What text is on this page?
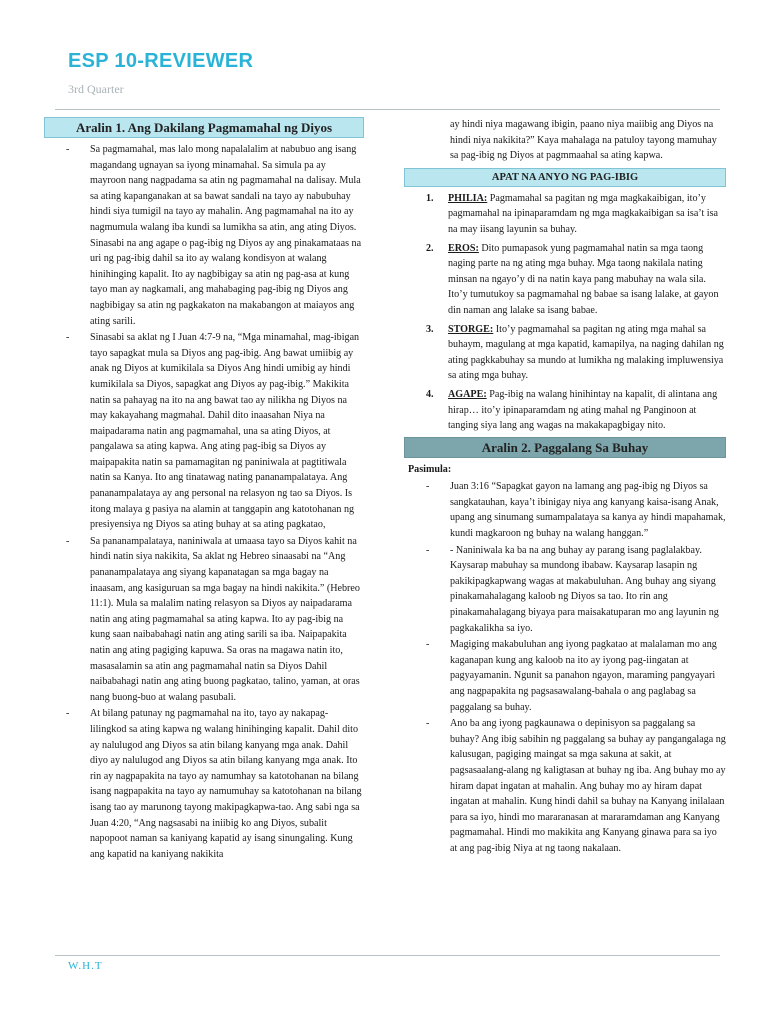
ESP 10-REVIEWER
3rd Quarter
Aralin 1. Ang Dakilang Pagmamahal ng Diyos
- Sa pagmamahal, mas lalo mong napalalalim at nabubuo ang isang magandang ugnayan sa iyong minamahal. Sa simula pa ay mayroon nang nagpadama sa atin ng pagmamahal na dalisay. Mula sa ating kapanganakan at sa bawat sandali na tayo ay nabubuhay hindi siya tumigil na tayo ay mahalin. Ang pagmamahal na ito ay nagmumula walang iba kundi sa lumikha sa atin, ang ating Diyos. Sinasabi na ang agape o pag-ibig ng Diyos ay ang pinakamataas na uri ng pag-ibig dahil sa ito ay walang kondisyon at walang hinihinging kapalit. Ito ay nagbibigay sa atin ng pag-asa at kung tayo man ay nagkamali, ang mahabaging pag-ibig ng Diyos ang nagbibigay sa atin ng pagkakaton na makabangon at maiayos ang ating sarili.
- Sinasabi sa aklat ng I Juan 4:7-9 na, “Mga minamahal, mag-ibigan tayo sapagkat mula sa Diyos ang pag-ibig. Ang bawat umiibig ay anak ng Diyos at kumikilala sa Diyos Ang hindi umibig ay hindi kumikilala sa Diyos, sapagkat ang Diyos ay pag-ibig.” Makikita natin sa pahayag na ito na ang bawat tao ay nilikha ng Diyos na may kakayahang magmahal. Dahil dito inaasahan Niya na maipadarama natin ang pagmamahal, una sa ating Diyos, at pangalawa sa ating kapwa. Ang ating pag-ibig sa Diyos ay maipapakita natin sa pamamagitan ng paniniwala at pagtitiwala natin sa Kanya. Ito ang tinatawag nating pananampalataya. Ang pananampalataya ay ang personal na relasyon ng tao sa Diyos. Is itong malaya g pasiya na alamin at tanggapin ang katotohanan ng presiyensiya ng Diyos sa ating buhay at sa ating pagkatao,
- Sa pananampalataya, naniniwala at umaasa tayo sa Diyos kahit na hindi natin siya nakikita, Sa aklat ng Hebreo sinaasabi na “Ang pananampalataya ang siyang kapanatagan sa mga bagay na inaasam, ang kasiguruan sa mga bagay na hindi nakikita.” (Hebreo 11:1). Mula sa malalim nating relasyon sa Diyos ay naipadarama natin ang ating pagmamahal sa ating kapwa. Ito ay pag-ibig na kung saan naibabahagi natin ang ating sarili sa iba. Naipapakita natin ang ating pagiging kapuwa. Sa oras na magawa natin ito, masasalamin sa atin ang pagmamahal natin sa Diyos Dahil naibabahagi natin ang ating buong pagkatao, talino, yaman, at oras nang buong-buo at walang pasubali.
- At bilang patunay ng pagmamahal na ito, tayo ay nakapag-lilingkod sa ating kapwa ng walang hinihinging kapalit. Dahil dito ay nalulugod ang Diyos sa atin bilang kanyang mga anak. Dahil diyo ay nalulugod ang Diyos sa atin bilang kanyang mga anak. Ito rin ay nagpapakita na tayo ay namumhay sa katotohanan na bilang isang nagpapakita na tayo ay namumuhay sa katotohanan na bilang isang tao ay marunong tayong makipagkapwa-tao. Ang sabi nga sa Juan 4:20, “Ang nagsasabi na iniibig ko ang Diyos, subalit napopoot naman sa kaniyang kapatid ay isang sinungaling. Kung ang kapatid na kaniyang nakikita

ay hindi niya magawang ibigin, paano niya maiibig ang Diyos na hindi niya nakikita?” Kaya mahalaga na patuloy tayong mamuhay sa pag-ibig ng Diyos at pagmmaahal sa ating kapwa.

APAT NA ANYO NG PAG-IBIG
1. PHILIA: Pagmamahal sa pagitan ng mga magkakaibigan, ito’y pagmamahal na ipinaparamdam ng mga magkakaibigan sa isa’t isa na may iisang layunin sa buhay.
2. EROS: Dito pumapasok yung pagmamahal natin sa mga taong naging parte na ng ating mga buhay. Mga taong nakilala nating minsan na ngayo’y di na natin kaya pang mabuhay na wala sila. Ito’y tumutukoy sa pagmamahal ng babae sa isang lalake, at gayon din naman ang lalake sa isang babae.
3. STORGE: Ito’y pagmamahal sa pagitan ng ating mga mahal sa buhaym, magulang at mga kapatid, kamapilya, na naging dahilan ng ating pagkkabuhay sa mundo at lumikha ng malaking impluwensiya sa ating mga buhay.
4. AGAPE: Pag-ibig na walang hinihintay na kapalit, di alintana ang hirap… ito’y ipinaparamdam ng ating mahal ng Panginoon at tanging siya lang ang wagas na makakapagbigay nito.
Aralin 2. Paggalang Sa Buhay
Pasimula:
- Juan 3:16 “Sapagkat gayon na lamang ang pag-ibig ng Diyos sa sangkatauhan, kaya’t ibinigay niya ang kanyang kaisa-isang Anak, upang ang sinumang sumampalataya sa kanya ay hindi mapahamak, kundi magkaroon ng buhay na walang hanggan.”
- - Naniniwala ka ba na ang buhay ay parang isang paglalakbay. Kaysarap mabuhay sa mundong ibabaw. Kaysarap lasapin ng pakikipagkapwang wagas at makabuluhan. Ang buhay ang siyang pinakamahalagang kaloob ng Diyos sa tao. Ito rin ang pinakamahalagang biyaya para maisakatuparan mo ang layunin ng pagkakalikha sa iyo.
- Magiging makabuluhan ang iyong pagkatao at malalaman mo ang kaganapan kung ang kaloob na ito ay iyong pag-iingatan at pagyayamanin. Ngunit sa panahon ngayon, maraming pangyayari ang nagpapakita ng pagsasawalang-bahala o ang paglabag sa paggalang sa buhay.
- Ano ba ang iyong pagkaunawa o depinisyon sa paggalang sa buhay? Ang ibig sabihin ng paggalang sa buhay ay pangangalaga ng kalusugan, pagiging maingat sa mga sakuna at sakit, at pagsasaalang-alang ng kaligtasan at buhay ng iba. Ang buhay mo ay hiram dapat ingatan at mahalin. Ang buhay mo ay hiram dapat ingatan at mahalin. Kung hindi dahil sa buhay na Kanyang inilalaan para sa iyo, hindi mo mararanasan at mararamdaman ang Kanyang pagmamahal. Hindi mo makikita ang Kanyang ginawa para sa iyo at ang pag-ibig Niya at ng taong nakalaan.
W.H.T
